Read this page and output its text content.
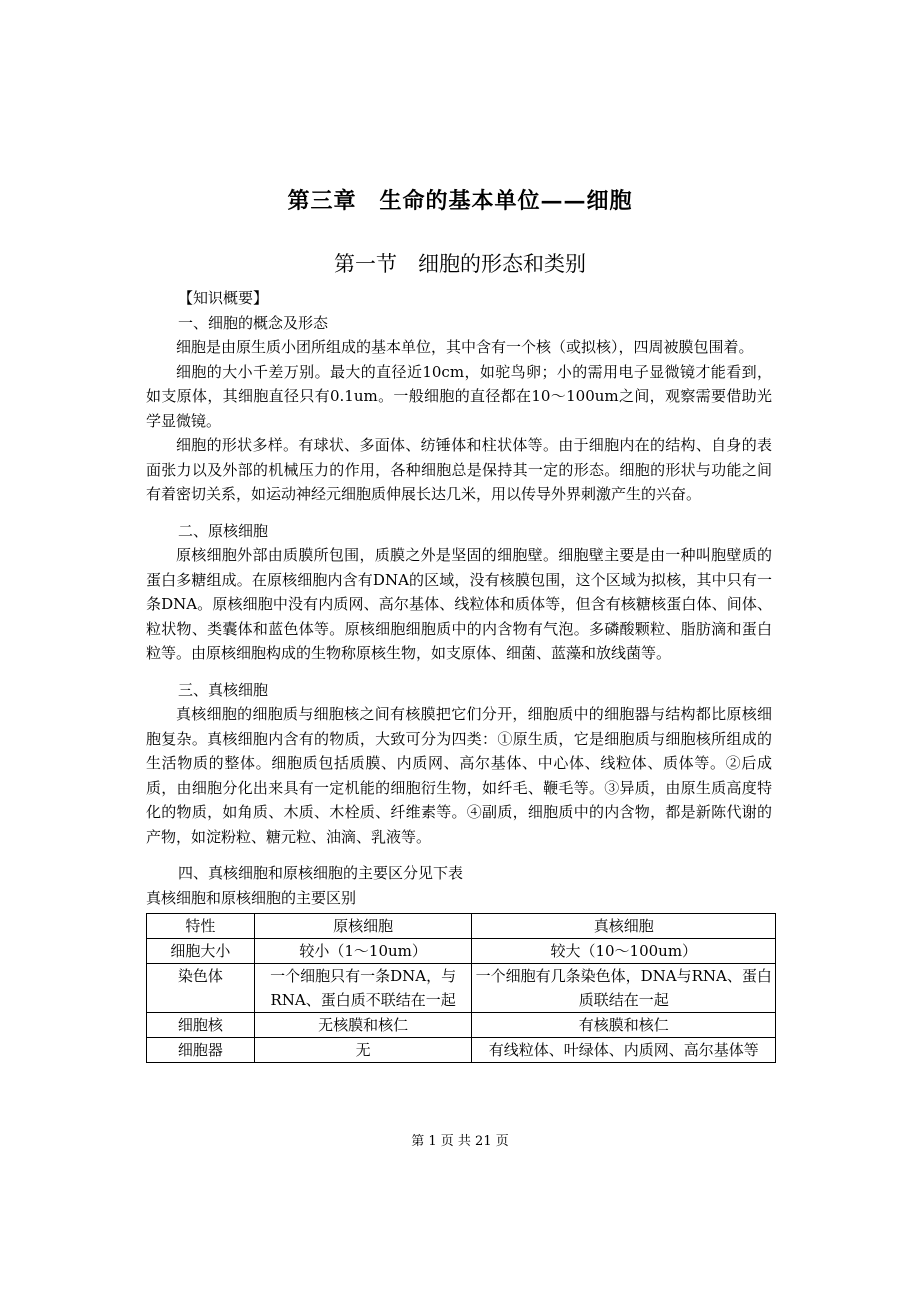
第三章　生命的基本单位——细胞
第一节　细胞的形态和类别

【知识概要】

一、细胞的概念及形态

细胞是由原生质小团所组成的基本单位，其中含有一个核（或拟核），四周被膜包围着。

细胞的大小千差万别。最大的直径近10cm，如驼鸟卵；小的需用电子显微镜才能看到，如支原体，其细胞直径只有0.1um。一般细胞的直径都在10～100um之间，观察需要借助光学显微镜。

细胞的形状多样。有球状、多面体、纺锤体和柱状体等。由于细胞内在的结构、自身的表面张力以及外部的机械压力的作用，各种细胞总是保持其一定的形态。细胞的形状与功能之间有着密切关系，如运动神经元细胞质伸展长达几米，用以传导外界刺激产生的兴奋。

二、原核细胞

原核细胞外部由质膜所包围，质膜之外是坚固的细胞壁。细胞壁主要是由一种叫胞壁质的蛋白多糖组成。在原核细胞内含有DNA的区域，没有核膜包围，这个区域为拟核，其中只有一条DNA。原核细胞中没有内质网、高尔基体、线粒体和质体等，但含有核糖核蛋白体、间体、粒状物、类囊体和蓝色体等。原核细胞细胞质中的内含物有气泡。多磷酸颗粒、脂肪滴和蛋白粒等。由原核细胞构成的生物称原核生物，如支原体、细菌、蓝藻和放线菌等。

三、真核细胞

真核细胞的细胞质与细胞核之间有核膜把它们分开，细胞质中的细胞器与结构都比原核细胞复杂。真核细胞内含有的物质，大致可分为四类：①原生质，它是细胞质与细胞核所组成的生活物质的整体。细胞质包括质膜、内质网、高尔基体、中心体、线粒体、质体等。②后成质，由细胞分化出来具有一定机能的细胞衍生物，如纤毛、鞭毛等。③异质，由原生质高度特化的物质，如角质、木质、木栓质、纤维素等。④副质，细胞质中的内含物，都是新陈代谢的产物，如淀粉粒、糖元粒、油滴、乳液等。

四、真核细胞和原核细胞的主要区分见下表

真核细胞和原核细胞的主要区别

特性	原核细胞	真核细胞
细胞大小	较小（1～10um）	较大（10～100um）
染色体	一个细胞只有一条DNA，与RNA、蛋白质不联结在一起	一个细胞有几条染色体，DNA与RNA、蛋白质联结在一起
细胞核	无核膜和核仁	有核膜和核仁
细胞器	无	有线粒体、叶绿体、内质网、高尔基体等
第 1 页 共 21 页
